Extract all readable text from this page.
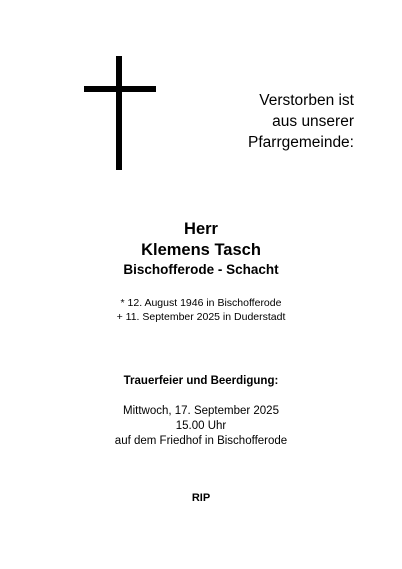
Verstorben ist
aus unserer
Pfarrgemeinde:
Herr
Klemens Tasch
Bischofferode - Schacht
* 12. August 1946 in Bischofferode
+ 11. September 2025 in Duderstadt
Trauerfeier und Beerdigung:
Mittwoch, 17. September 2025
15.00 Uhr
auf dem Friedhof in Bischofferode
RIP
